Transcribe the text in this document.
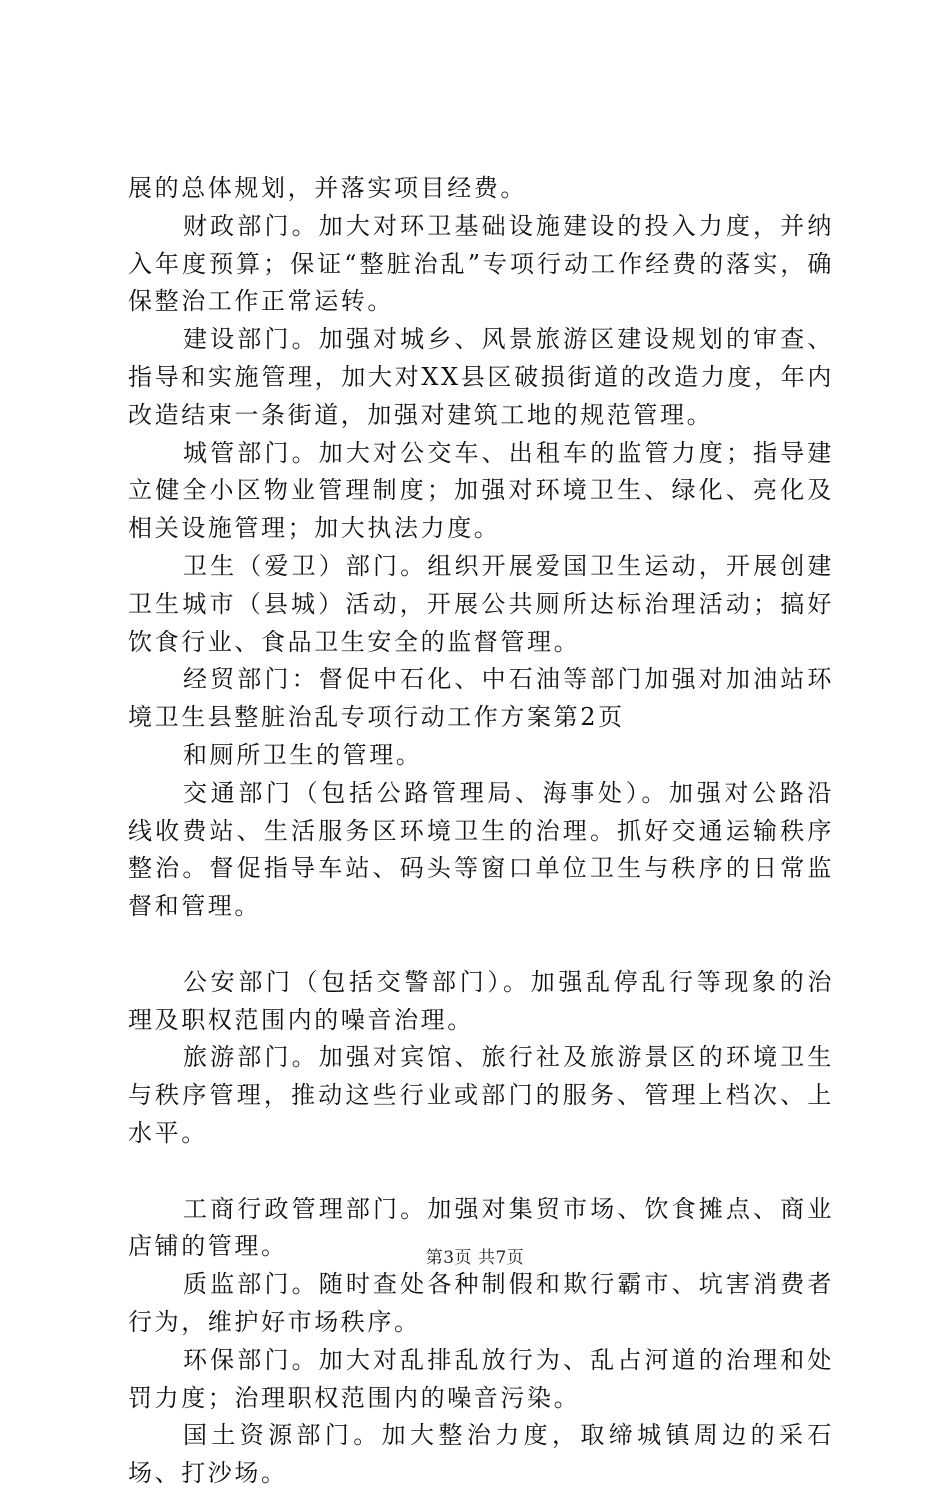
展的总体规划，并落实项目经费。

财政部门。加大对环卫基础设施建设的投入力度，并纳入年度预算；保证“整脏治乱”专项行动工作经费的落实，确保整治工作正常运转。

建设部门。加强对城乡、风景旅游区建设规划的审查、指导和实施管理，加大对XX县区破损街道的改造力度，年内改造结束一条街道，加强对建筑工地的规范管理。

城管部门。加大对公交车、出租车的监管力度；指导建立健全小区物业管理制度；加强对环境卫生、绿化、亮化及相关设施管理；加大执法力度。

卫生（爱卫）部门。组织开展爱国卫生运动，开展创建卫生城市（县城）活动，开展公共厕所达标治理活动；搞好饮食行业、食品卫生安全的监督管理。

经贸部门：督促中石化、中石油等部门加强对加油站环境卫生县整脏治乱专项行动工作方案第2页

和厕所卫生的管理。

交通部门（包括公路管理局、海事处）。加强对公路沿线收费站、生活服务区环境卫生的治理。抓好交通运输秩序整治。督促指导车站、码头等窗口单位卫生与秩序的日常监督和管理。

公安部门（包括交警部门）。加强乱停乱行等现象的治理及职权范围内的噪音治理。

旅游部门。加强对宾馆、旅行社及旅游景区的环境卫生与秩序管理，推动这些行业或部门的服务、管理上档次、上水平。

工商行政管理部门。加强对集贸市场、饮食摊点、商业店铺的管理。

质监部门。随时查处各种制假和欺行霸市、坑害消费者行为，维护好市场秩序。

环保部门。加大对乱排乱放行为、乱占河道的治理和处罚力度；治理职权范围内的噪音污染。

国土资源部门。加大整治力度，取缔城镇周边的采石场、打沙场。

第3页 共7页
